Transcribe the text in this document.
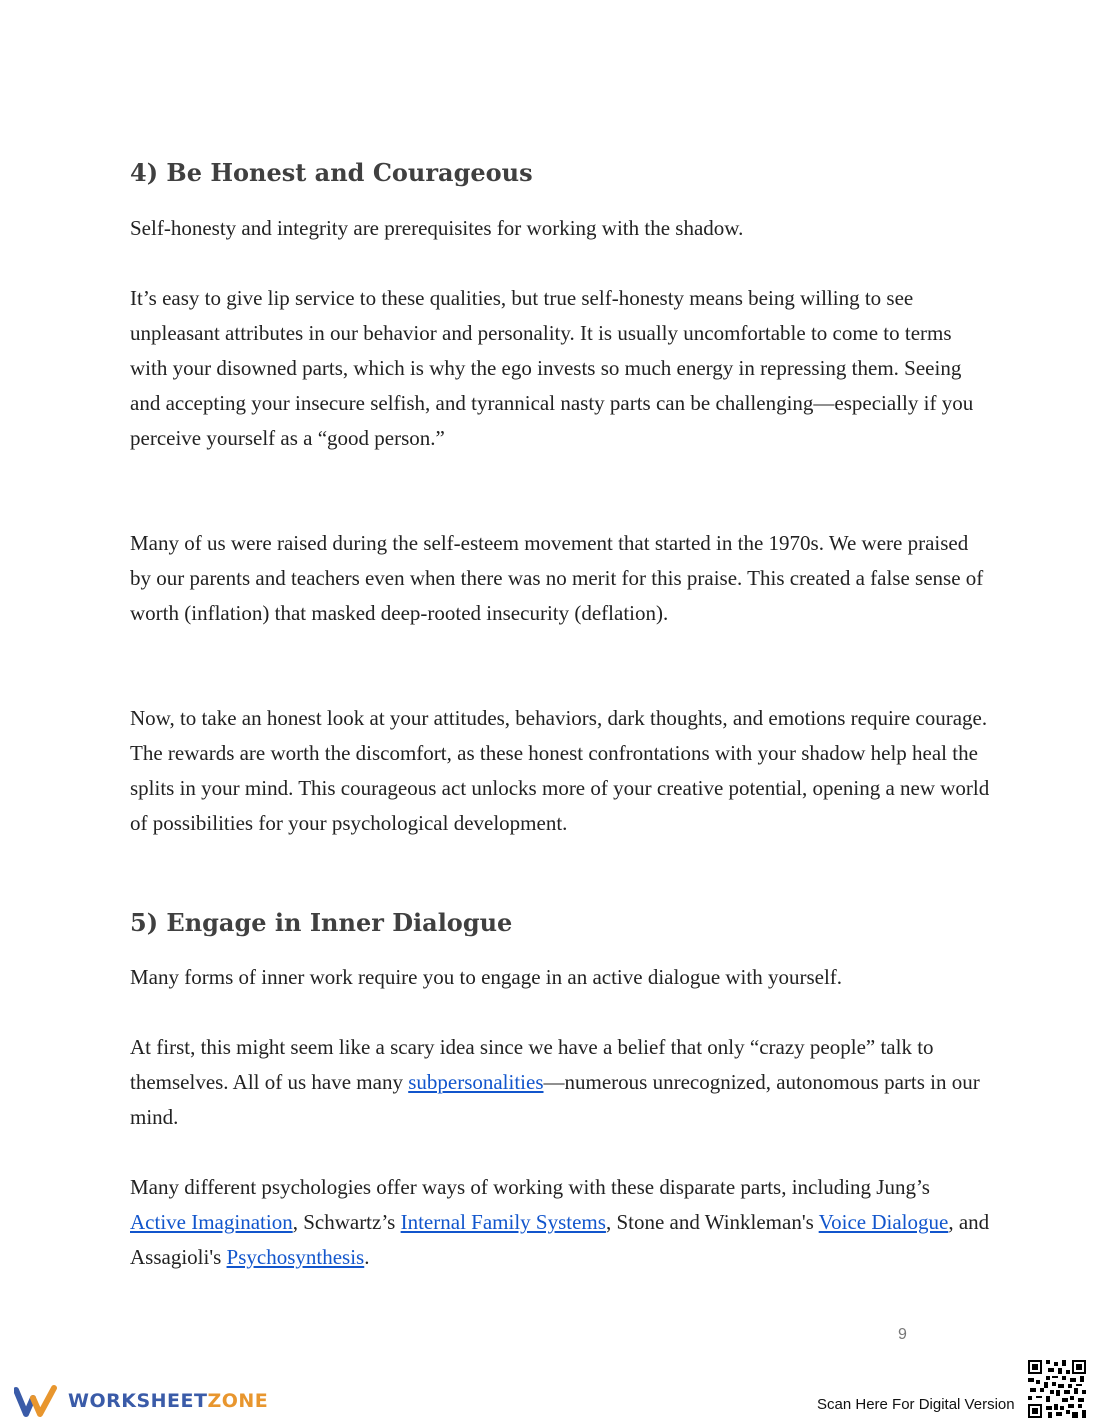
4) Be Honest and Courageous

Self-honesty and integrity are prerequisites for working with the shadow.

It’s easy to give lip service to these qualities, but true self-honesty means being willing to see unpleasant attributes in our behavior and personality. It is usually uncomfortable to come to terms with your disowned parts, which is why the ego invests so much energy in repressing them. Seeing and accepting your insecure selfish, and tyrannical nasty parts can be challenging—especially if you perceive yourself as a “good person.”

Many of us were raised during the self-esteem movement that started in the 1970s. We were praised by our parents and teachers even when there was no merit for this praise. This created a false sense of worth (inflation) that masked deep-rooted insecurity (deflation).

Now, to take an honest look at your attitudes, behaviors, dark thoughts, and emotions require courage. The rewards are worth the discomfort, as these honest confrontations with your shadow help heal the splits in your mind. This courageous act unlocks more of your creative potential, opening a new world of possibilities for your psychological development.

5) Engage in Inner Dialogue

Many forms of inner work require you to engage in an active dialogue with yourself.

At first, this might seem like a scary idea since we have a belief that only “crazy people” talk to themselves. All of us have many subpersonalities—numerous unrecognized, autonomous parts in our mind.

Many different psychologies offer ways of working with these disparate parts, including Jung’s Active Imagination, Schwartz’s Internal Family Systems, Stone and Winkleman's Voice Dialogue, and Assagioli's Psychosynthesis.

9
WORKSHEETZONE	Scan Here For Digital Version
